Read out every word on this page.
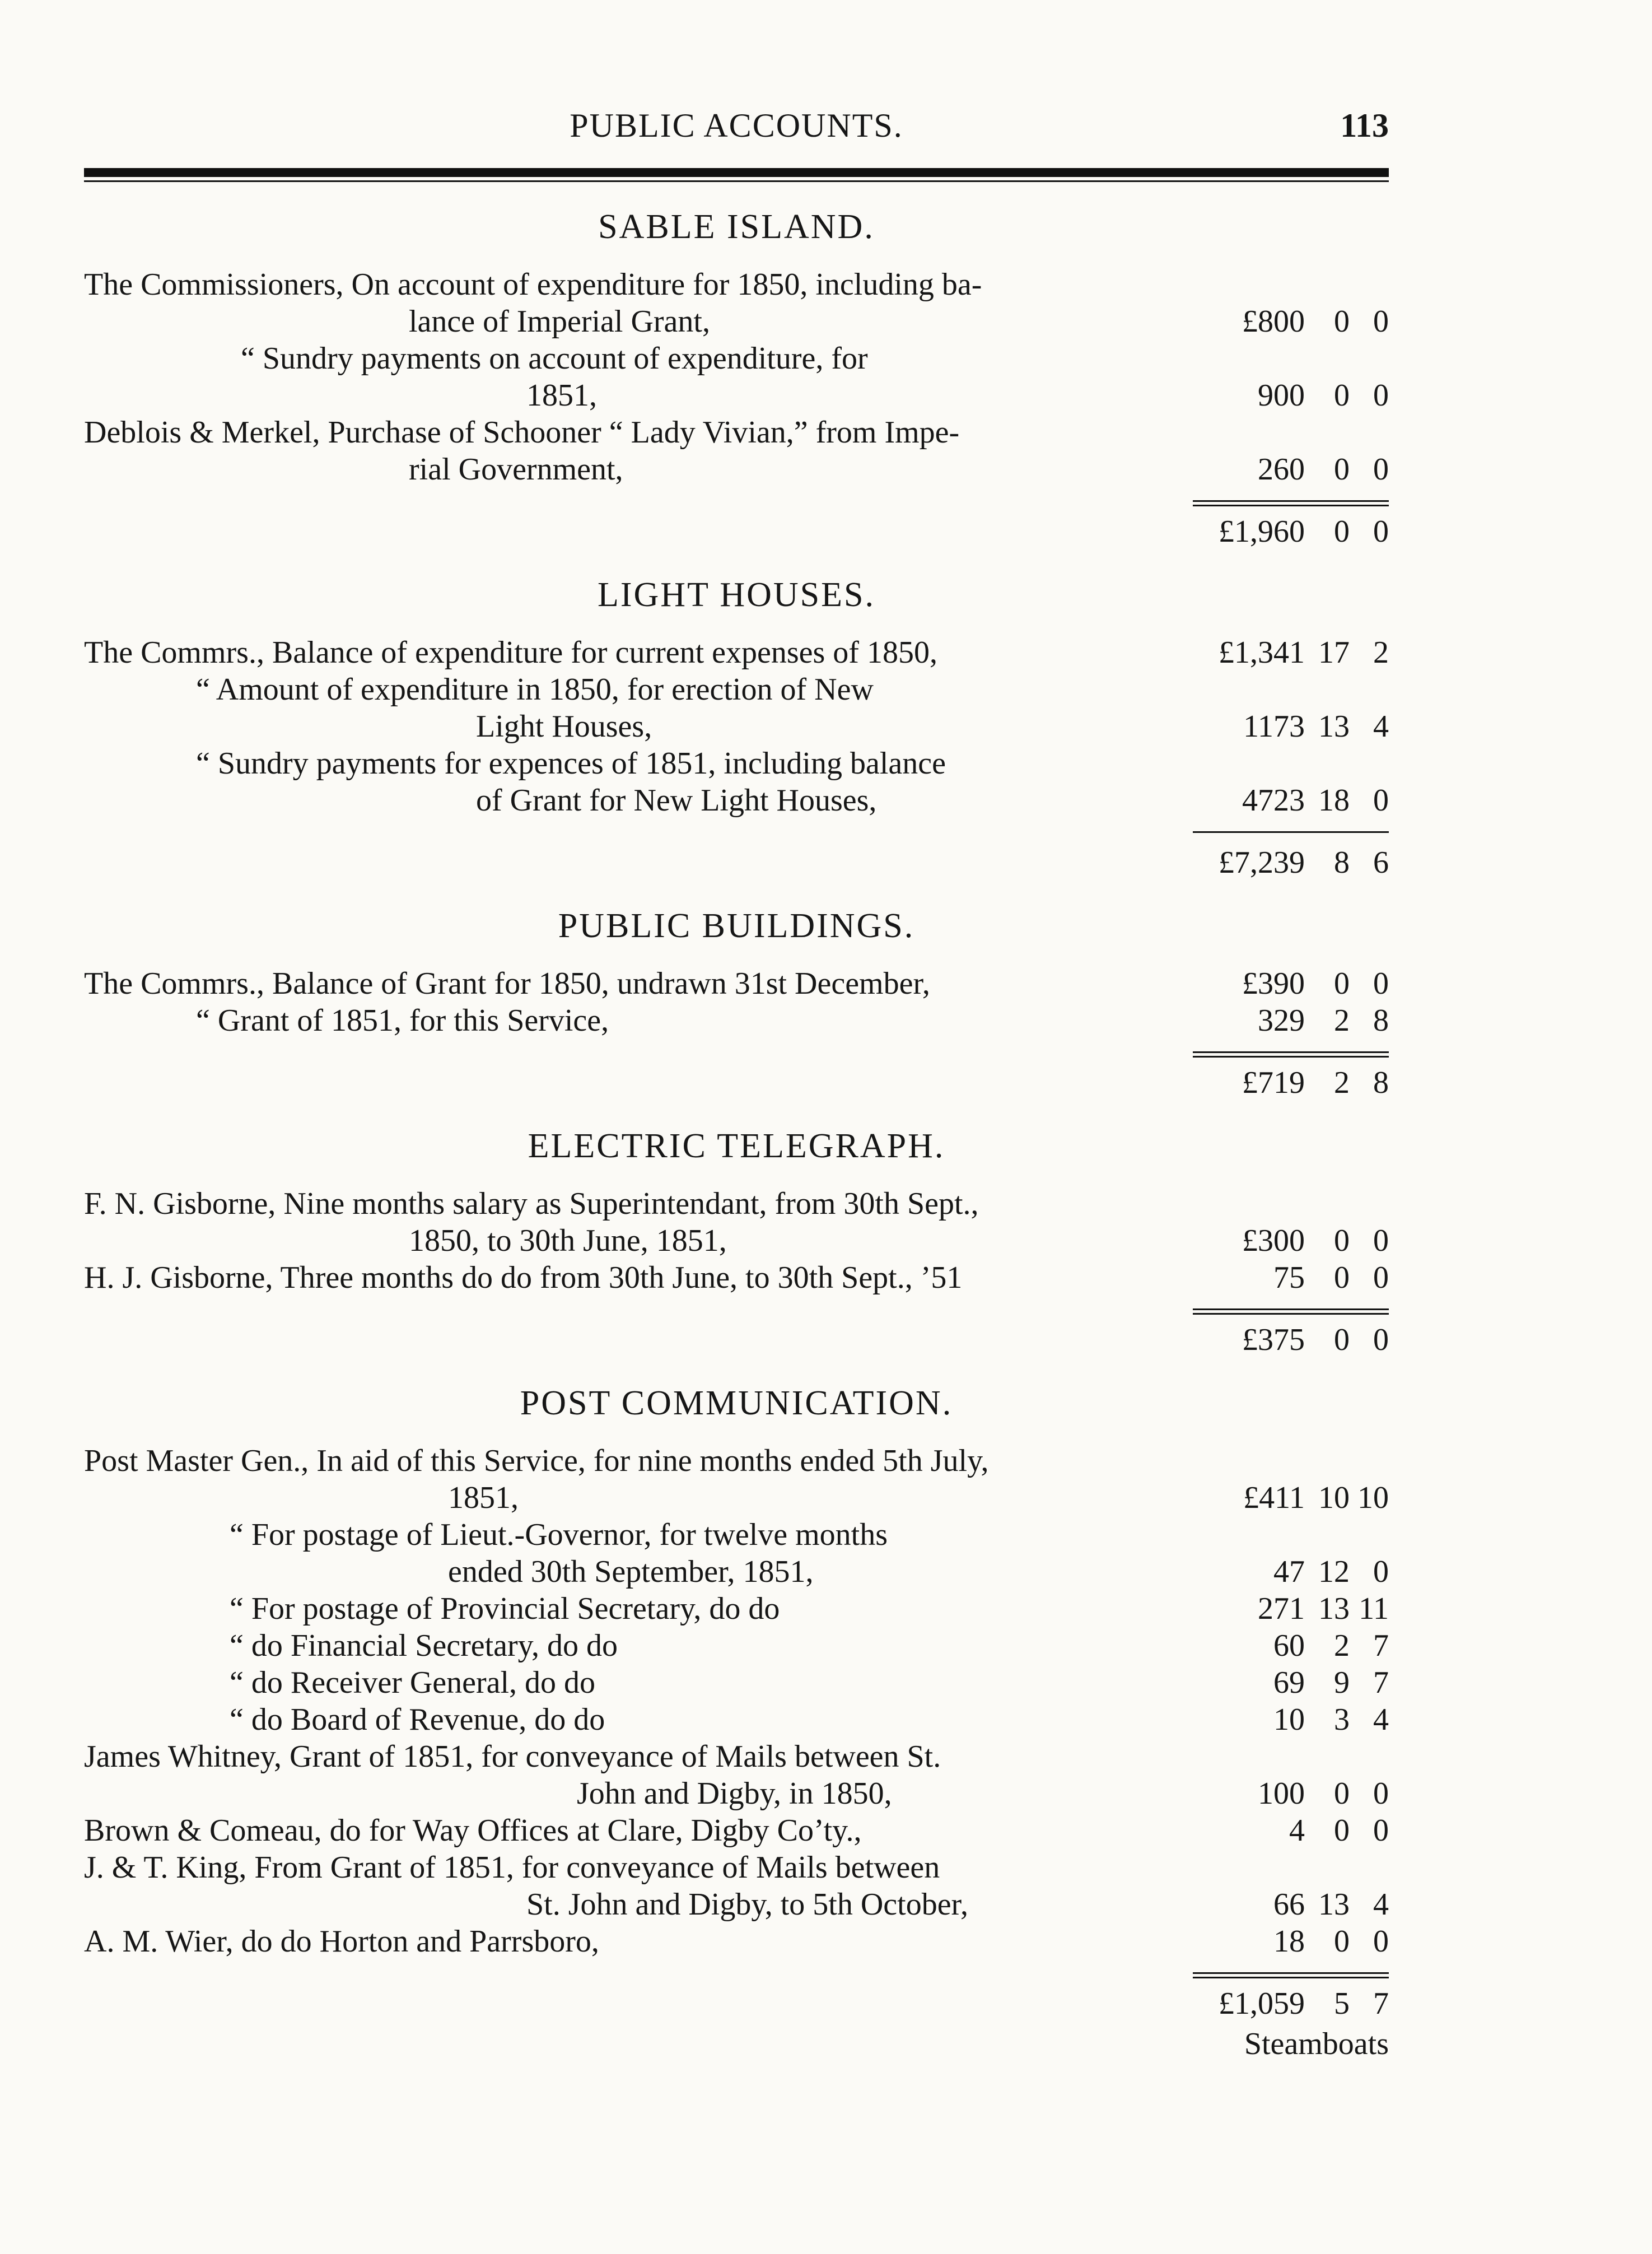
PUBLIC ACCOUNTS.	113
SABLE ISLAND.
The Commissioners, On account of expenditure for 1850, including ba-
lance of Imperial Grant,	£800 0 0
“ Sundry payments on account of expenditure, for
1851,	900 0 0
Deblois & Merkel, Purchase of Schooner “ Lady Vivian,” from Impe-
rial Government,	260 0 0
£1,960 0 0
LIGHT HOUSES.
The Commrs., Balance of expenditure for current expenses of 1850,	£1,341 17 2
“ Amount of expenditure in 1850, for erection of New
Light Houses,	1173 13 4
“ Sundry payments for expences of 1851, including balance
of Grant for New Light Houses,	4723 18 0
£7,239 8 6
PUBLIC BUILDINGS.
The Commrs., Balance of Grant for 1850, undrawn 31st December,	£390 0 0
“ Grant of 1851, for this Service,	329 2 8
£719 2 8
ELECTRIC TELEGRAPH.
F. N. Gisborne, Nine months salary as Superintendant, from 30th Sept.,
1850, to 30th June, 1851,	£300 0 0
H. J. Gisborne, Three months do do from 30th June, to 30th Sept., ’51	75 0 0
£375 0 0
POST COMMUNICATION.
Post Master Gen., In aid of this Service, for nine months ended 5th July,
1851,	£411 10 10
“ For postage of Lieut.-Governor, for twelve months
ended 30th September, 1851,	47 12 0
“ For postage of Provincial Secretary, do do	271 13 11
“ do Financial Secretary, do do	60 2 7
“ do Receiver General, do do	69 9 7
“ do Board of Revenue, do do	10 3 4
James Whitney, Grant of 1851, for conveyance of Mails between St.
John and Digby, in 1850,	100 0 0
Brown & Comeau, do for Way Offices at Clare, Digby Co’ty.,	4 0 0
J. & T. King, From Grant of 1851, for conveyance of Mails between
St. John and Digby, to 5th October,	66 13 4
A. M. Wier, do do Horton and Parrsboro,	18 0 0
£1,059 5 7
Steamboats
